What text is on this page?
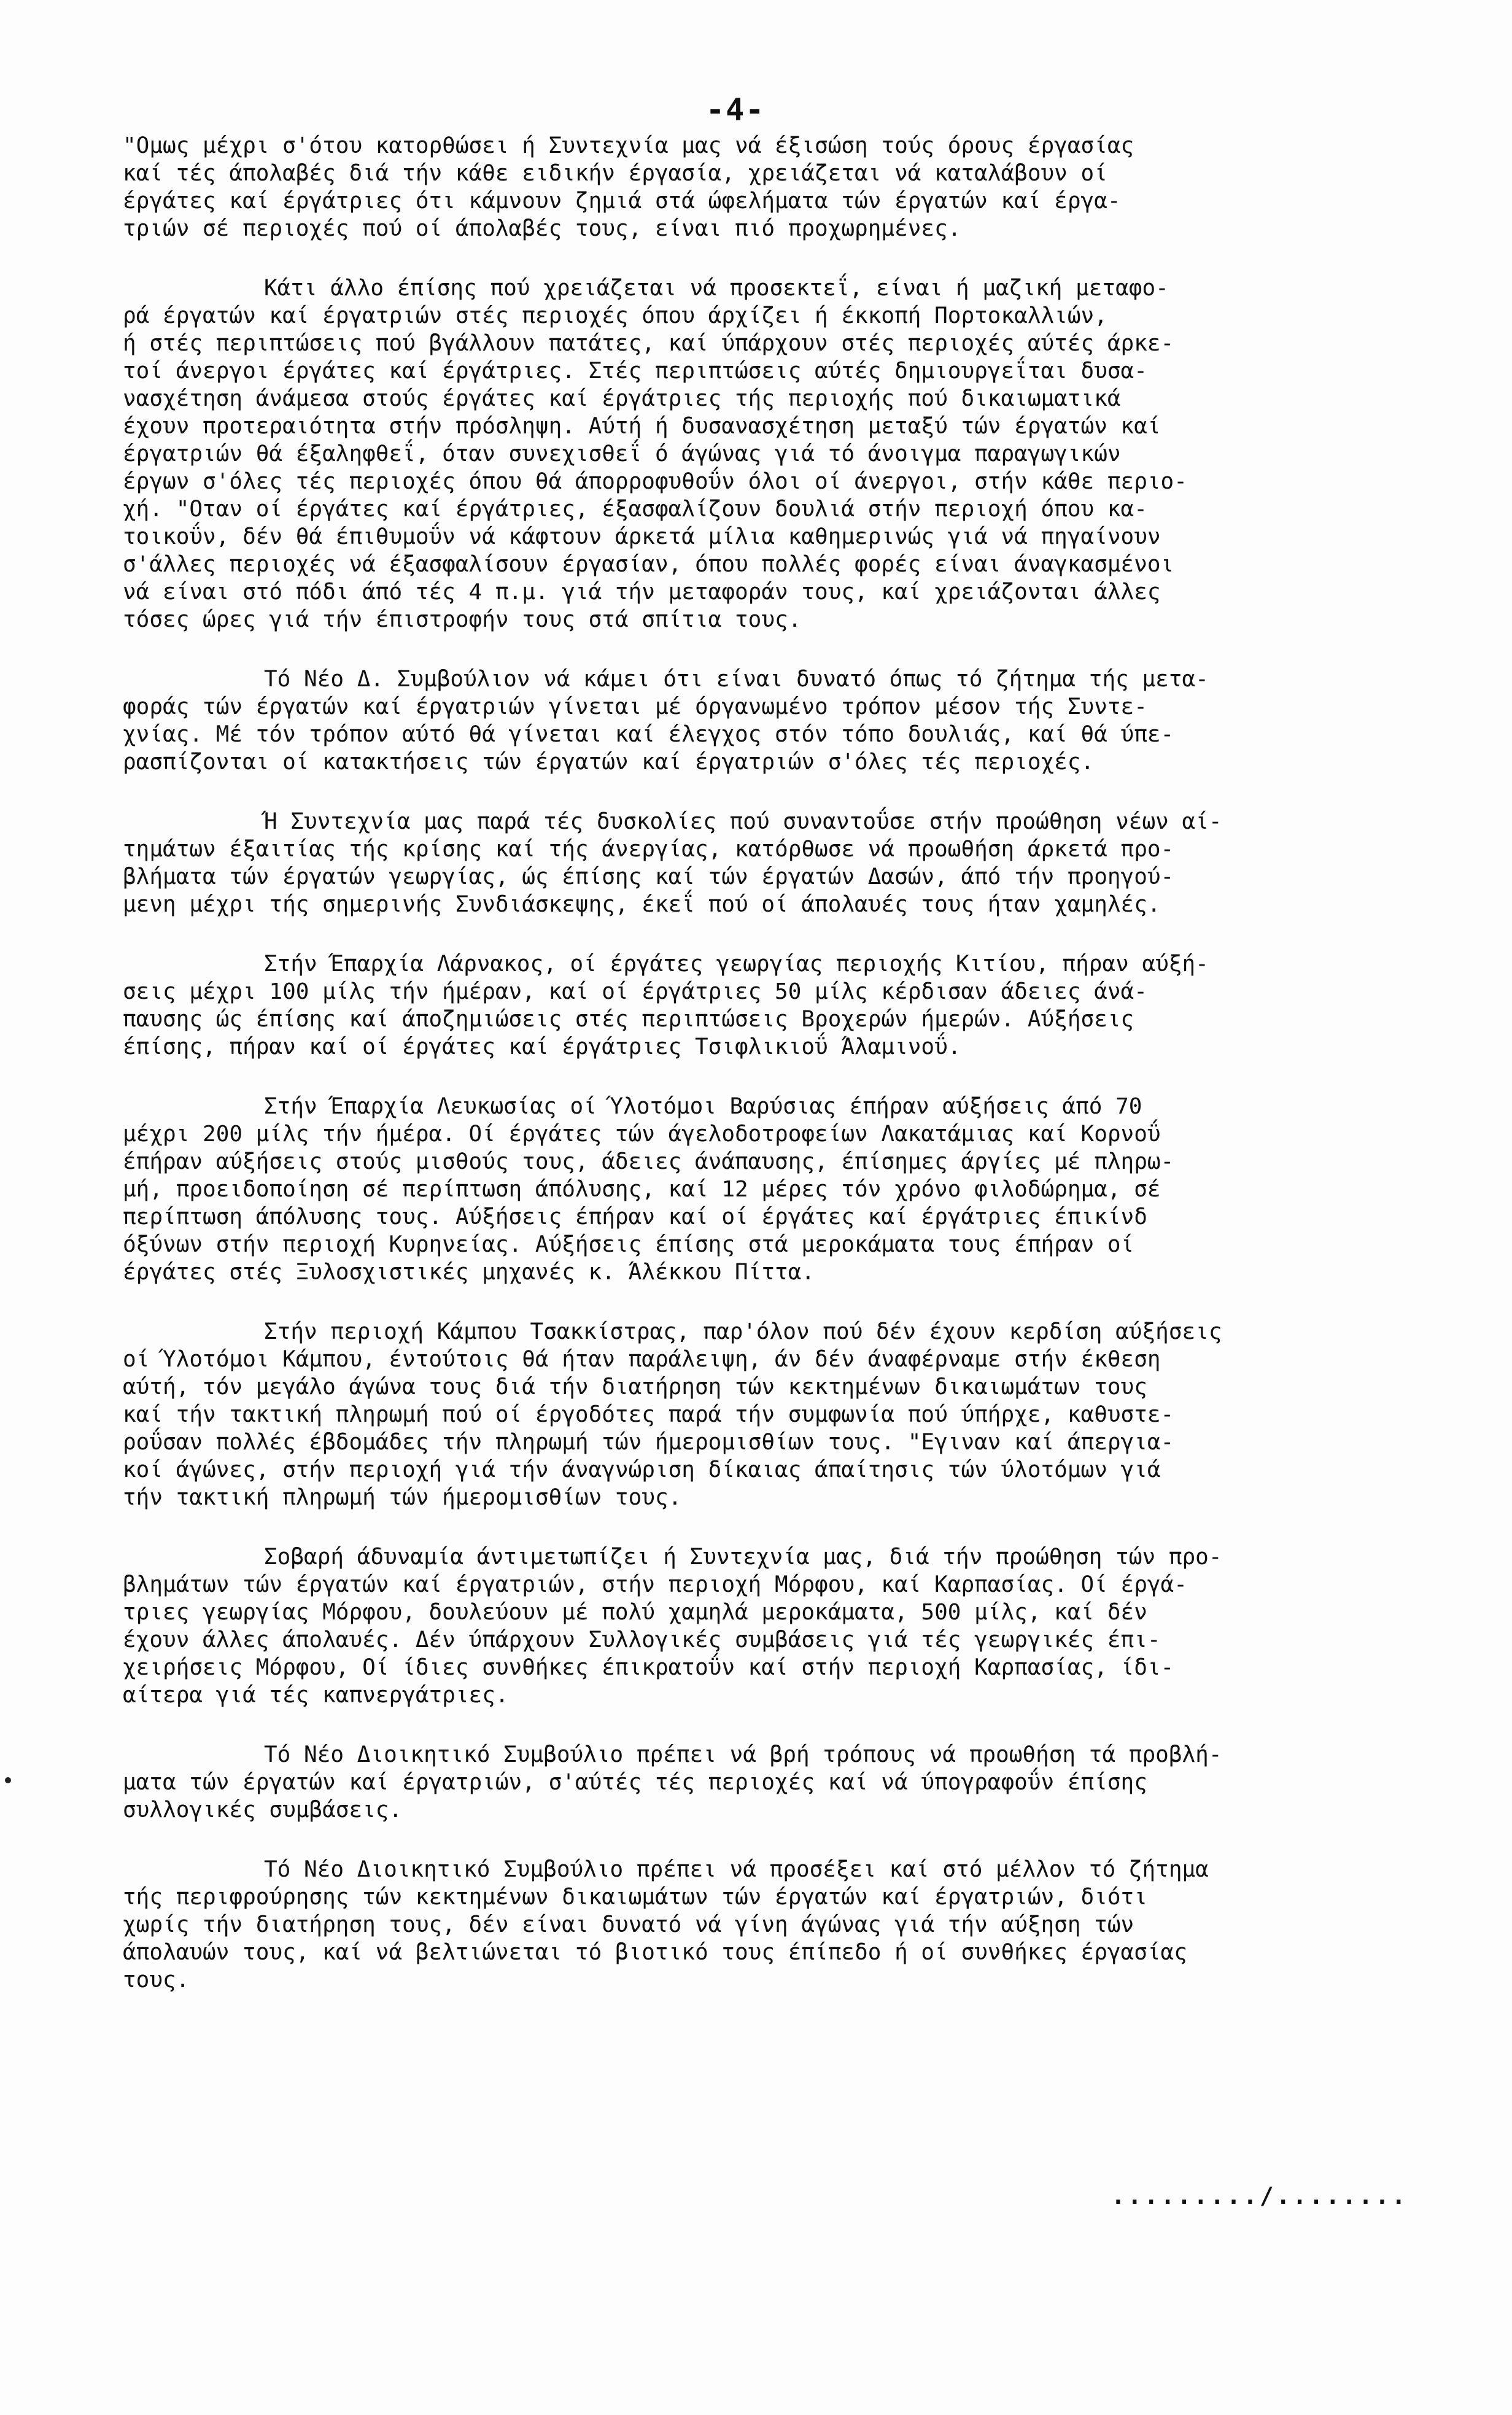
-4-

"Ομως μέχρι σ'ότου κατορθώσει ή Συντεχνία μας νά έξισώση τούς όρους έργασίας
καί τές άπολαβές διά τήν κάθε ειδικήν έργασία, χρειάζεται νά καταλάβουν οί
έργάτες καί έργάτριες ότι κάμνουν ζημιά στά ώφελήματα τών έργατών καί έργα-
τριών σέ περιοχές πού οί άπολαβές τους, είναι πιό προχωρημένες.

Κάτι άλλο έπίσης πού χρειάζεται νά προσεκτεΐ, είναι ή μαζική μεταφο-
ρά έργατών καί έργατριών στές περιοχές όπου άρχίζει ή έκκοπή Πορτοκαλλιών,
ή στές περιπτώσεις πού βγάλλουν πατάτες, καί ύπάρχουν στές περιοχές αύτές άρκε-
τοί άνεργοι έργάτες καί έργάτριες. Στές περιπτώσεις αύτές δημιουργεΐται δυσα-
νασχέτηση άνάμεσα στούς έργάτες καί έργάτριες τής περιοχής πού δικαιωματικά
έχουν προτεραιότητα στήν πρόσληψη. Αύτή ή δυσανασχέτηση μεταξύ τών έργατών καί
έργατριών θά έξαληφθεΐ, όταν συνεχισθεΐ ό άγώνας γιά τό άνοιγμα παραγωγικών
έργων σ'όλες τές περιοχές όπου θά άπορροφυθοΰν όλοι οί άνεργοι, στήν κάθε περιο-
χή. "Οταν οί έργάτες καί έργάτριες, έξασφαλίζουν δουλιά στήν περιοχή όπου κα-
τοικοΰν, δέν θά έπιθυμοΰν νά κάφτουν άρκετά μίλια καθημερινώς γιά νά πηγαίνουν
σ'άλλες περιοχές νά έξασφαλίσουν έργασίαν, όπου πολλές φορές είναι άναγκασμένοι
νά είναι στό πόδι άπό τές 4 π.μ. γιά τήν μεταφοράν τους, καί χρειάζονται άλλες
τόσες ώρες γιά τήν έπιστροφήν τους στά σπίτια τους.

Τό Νέο Δ. Συμβούλιον νά κάμει ότι είναι δυνατό όπως τό ζήτημα τής μετα-
φοράς τών έργατών καί έργατριών γίνεται μέ όργανωμένο τρόπον μέσον τής Συντε-
χνίας. Μέ τόν τρόπον αύτό θά γίνεται καί έλεγχος στόν τόπο δουλιάς, καί θά ύπε-
ρασπίζονται οί κατακτήσεις τών έργατών καί έργατριών σ'όλες τές περιοχές.

Ή Συντεχνία μας παρά τές δυσκολίες πού συναντοΰσε στήν προώθηση νέων αί-
τημάτων έξαιτίας τής κρίσης καί τής άνεργίας, κατόρθωσε νά προωθήση άρκετά προ-
βλήματα τών έργατών γεωργίας, ώς έπίσης καί τών έργατών Δασών, άπό τήν προηγού-
μενη μέχρι τής σημερινής Συνδιάσκεψης, έκεΐ πού οί άπολαυές τους ήταν χαμηλές.

Στήν Έπαρχία Λάρνακος, οί έργάτες γεωργίας περιοχής Κιτίου, πήραν αύξή-
σεις μέχρι 100 μίλς τήν ήμέραν, καί οί έργάτριες 50 μίλς κέρδισαν άδειες άνά-
παυσης ώς έπίσης καί άποζημιώσεις στές περιπτώσεις Βροχερών ήμερών. Αύξήσεις
έπίσης, πήραν καί οί έργάτες καί έργάτριες Τσιφλικιοΰ Άλαμινοΰ.

Στήν Έπαρχία Λευκωσίας οί Ύλοτόμοι Βαρύσιας έπήραν αύξήσεις άπό 70
μέχρι 200 μίλς τήν ήμέρα. Οί έργάτες τών άγελοδοτροφείων Λακατάμιας καί Κορνοΰ
έπήραν αύξήσεις στούς μισθούς τους, άδειες άνάπαυσης, έπίσημες άργίες μέ πληρω-
μή, προειδοποίηση σέ περίπτωση άπόλυσης, καί 12 μέρες τόν χρόνο φιλοδώρημα, σέ
περίπτωση άπόλυσης τους. Αύξήσεις έπήραν καί οί έργάτες καί έργάτριες έπικίνδ
όξύνων στήν περιοχή Κυρηνείας. Αύξήσεις έπίσης στά μεροκάματα τους έπήραν οί
έργάτες στές Ξυλοσχιστικές μηχανές κ. Άλέκκου Πίττα.

Στήν περιοχή Κάμπου Τσακκίστρας, παρ'όλον πού δέν έχουν κερδίση αύξήσεις
οί Ύλοτόμοι Κάμπου, έντούτοις θά ήταν παράλειψη, άν δέν άναφέρναμε στήν έκθεση
αύτή, τόν μεγάλο άγώνα τους διά τήν διατήρηση τών κεκτημένων δικαιωμάτων τους
καί τήν τακτική πληρωμή πού οί έργοδότες παρά τήν συμφωνία πού ύπήρχε, καθυστε-
ροΰσαν πολλές έβδομάδες τήν πληρωμή τών ήμερομισθίων τους. "Εγιναν καί άπεργια-
κοί άγώνες, στήν περιοχή γιά τήν άναγνώριση δίκαιας άπαίτησις τών ύλοτόμων γιά
τήν τακτική πληρωμή τών ήμερομισθίων τους.

Σοβαρή άδυναμία άντιμετωπίζει ή Συντεχνία μας, διά τήν προώθηση τών προ-
βλημάτων τών έργατών καί έργατριών, στήν περιοχή Μόρφου, καί Καρπασίας. Οί έργά-
τριες γεωργίας Μόρφου, δουλεύουν μέ πολύ χαμηλά μεροκάματα, 500 μίλς, καί δέν
έχουν άλλες άπολαυές. Δέν ύπάρχουν Συλλογικές συμβάσεις γιά τές γεωργικές έπι-
χειρήσεις Μόρφου, Οί ίδιες συνθήκες έπικρατοΰν καί στήν περιοχή Καρπασίας, ίδι-
αίτερα γιά τές καπνεργάτριες.

Τό Νέο Διοικητικό Συμβούλιο πρέπει νά βρή τρόπους νά προωθήση τά προβλή-
ματα τών έργατών καί έργατριών, σ'αύτές τές περιοχές καί νά ύπογραφοΰν έπίσης
συλλογικές συμβάσεις.

Τό Νέο Διοικητικό Συμβούλιο πρέπει νά προσέξει καί στό μέλλον τό ζήτημα
τής περιφρούρησης τών κεκτημένων δικαιωμάτων τών έργατών καί έργατριών, διότι
χωρίς τήν διατήρηση τους, δέν είναι δυνατό νά γίνη άγώνας γιά τήν αύξηση τών
άπολαυών τους, καί νά βελτιώνεται τό βιοτικό τους έπίπεδο ή οί συνθήκες έργασίας
τους.

........./........
